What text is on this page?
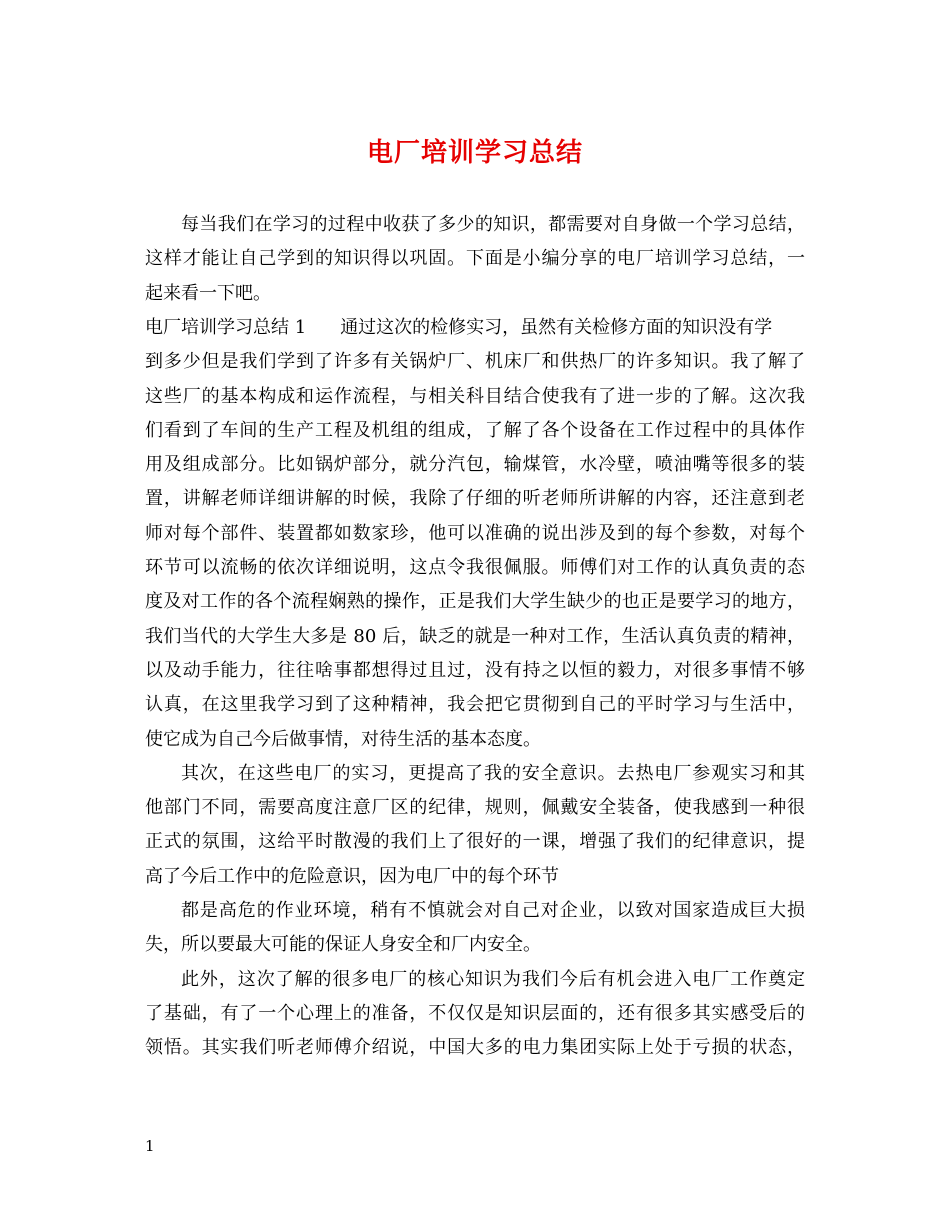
电厂培训学习总结
每当我们在学习的过程中收获了多少的知识，都需要对自身做一个学习总结，
这样才能让自己学到的知识得以巩固。下面是小编分享的电厂培训学习总结，一
起来看一下吧。
电厂培训学习总结 1 通过这次的检修实习，虽然有关检修方面的知识没有学
到多少但是我们学到了许多有关锅炉厂、机床厂和供热厂的许多知识。我了解了
这些厂的基本构成和运作流程，与相关科目结合使我有了进一步的了解。这次我
们看到了车间的生产工程及机组的组成，了解了各个设备在工作过程中的具体作
用及组成部分。比如锅炉部分，就分汽包，输煤管，水冷壁，喷油嘴等很多的装
置，讲解老师详细讲解的时候，我除了仔细的听老师所讲解的内容，还注意到老
师对每个部件、装置都如数家珍，他可以准确的说出涉及到的每个参数，对每个
环节可以流畅的依次详细说明，这点令我很佩服。师傅们对工作的认真负责的态
度及对工作的各个流程娴熟的操作，正是我们大学生缺少的也正是要学习的地方，
我们当代的大学生大多是 80 后，缺乏的就是一种对工作，生活认真负责的精神，
以及动手能力，往往啥事都想得过且过，没有持之以恒的毅力，对很多事情不够
认真，在这里我学习到了这种精神，我会把它贯彻到自己的平时学习与生活中，
使它成为自己今后做事情，对待生活的基本态度。
其次，在这些电厂的实习，更提高了我的安全意识。去热电厂参观实习和其
他部门不同，需要高度注意厂区的纪律，规则，佩戴安全装备，使我感到一种很
正式的氛围，这给平时散漫的我们上了很好的一课，增强了我们的纪律意识，提
高了今后工作中的危险意识，因为电厂中的每个环节
都是高危的作业环境，稍有不慎就会对自己对企业，以致对国家造成巨大损
失，所以要最大可能的保证人身安全和厂内安全。
此外，这次了解的很多电厂的核心知识为我们今后有机会进入电厂工作奠定
了基础，有了一个心理上的准备，不仅仅是知识层面的，还有很多其实感受后的
领悟。其实我们听老师傅介绍说，中国大多的电力集团实际上处于亏损的状态，
1
